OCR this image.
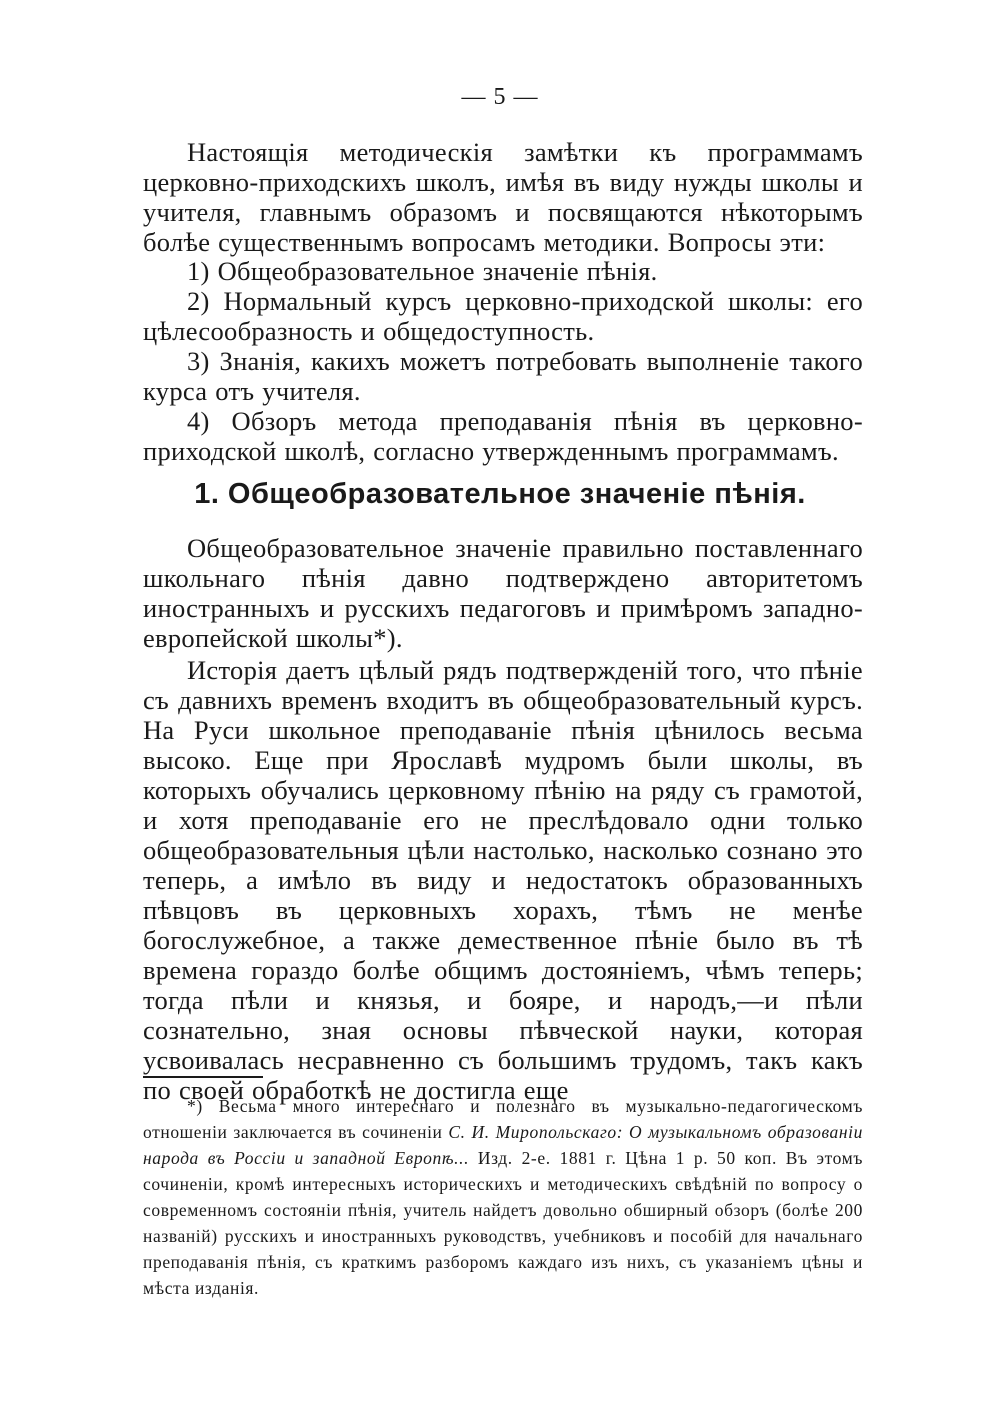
— 5 —

Настоящія методическія замѣтки къ программамъ церковно-приходскихъ школъ, имѣя въ виду нужды школы и учителя, главнымъ образомъ и посвящаются нѣкоторымъ болѣе существеннымъ вопросамъ методики. Вопросы эти:

1) Общеобразовательное значеніе пѣнія.

2) Нормальный курсъ церковно-приходской школы: его цѣлесообразность и общедоступность.

3) Знанія, какихъ можетъ потребовать выполненіе такого курса отъ учителя.

4) Обзоръ метода преподаванія пѣнія въ церковно-приходской школѣ, согласно утвержденнымъ программамъ.

1. Общеобразовательное значеніе пѣнія.

Общеобразовательное значеніе правильно поставленнаго школьнаго пѣнія давно подтверждено авторитетомъ иностранныхъ и русскихъ педагоговъ и примѣромъ западно-европейской школы*).

Исторія даетъ цѣлый рядъ подтвержденій того, что пѣніе съ давнихъ временъ входитъ въ общеобразовательный курсъ. На Руси школьное преподаваніе пѣнія цѣнилось весьма высоко. Еще при Ярославѣ мудромъ были школы, въ которыхъ обучались церковному пѣнію на ряду съ грамотой, и хотя преподаваніе его не преслѣдовало одни только общеобразовательныя цѣли настолько, насколько сознано это теперь, а имѣло въ виду и недостатокъ образованныхъ пѣвцовъ въ церковныхъ хорахъ, тѣмъ не менѣе богослужебное, а также демественное пѣніе было въ тѣ времена гораздо болѣе общимъ достояніемъ, чѣмъ теперь; тогда пѣли и князья, и бояре, и народъ,—и пѣли сознательно, зная основы пѣвческой науки, которая усвоивалась несравненно съ большимъ трудомъ, такъ какъ по своей обработкѣ не достигла еще

*) Весьма много интереснаго и полезнаго въ музыкально-педагогическомъ отношеніи заключается въ сочиненіи С. И. Миропольскаго: О музыкальномъ образованіи народа въ Россіи и западной Европѣ... Изд. 2-е. 1881 г. Цѣна 1 р. 50 коп. Въ этомъ сочиненіи, кромѣ интересныхъ историческихъ и методическихъ свѣдѣній по вопросу о современномъ состояніи пѣнія, учитель найдетъ довольно обширный обзоръ (болѣе 200 названій) русскихъ и иностранныхъ руководствъ, учебниковъ и пособій для начальнаго преподаванія пѣнія, съ краткимъ разборомъ каждаго изъ нихъ, съ указаніемъ цѣны и мѣста изданія.
